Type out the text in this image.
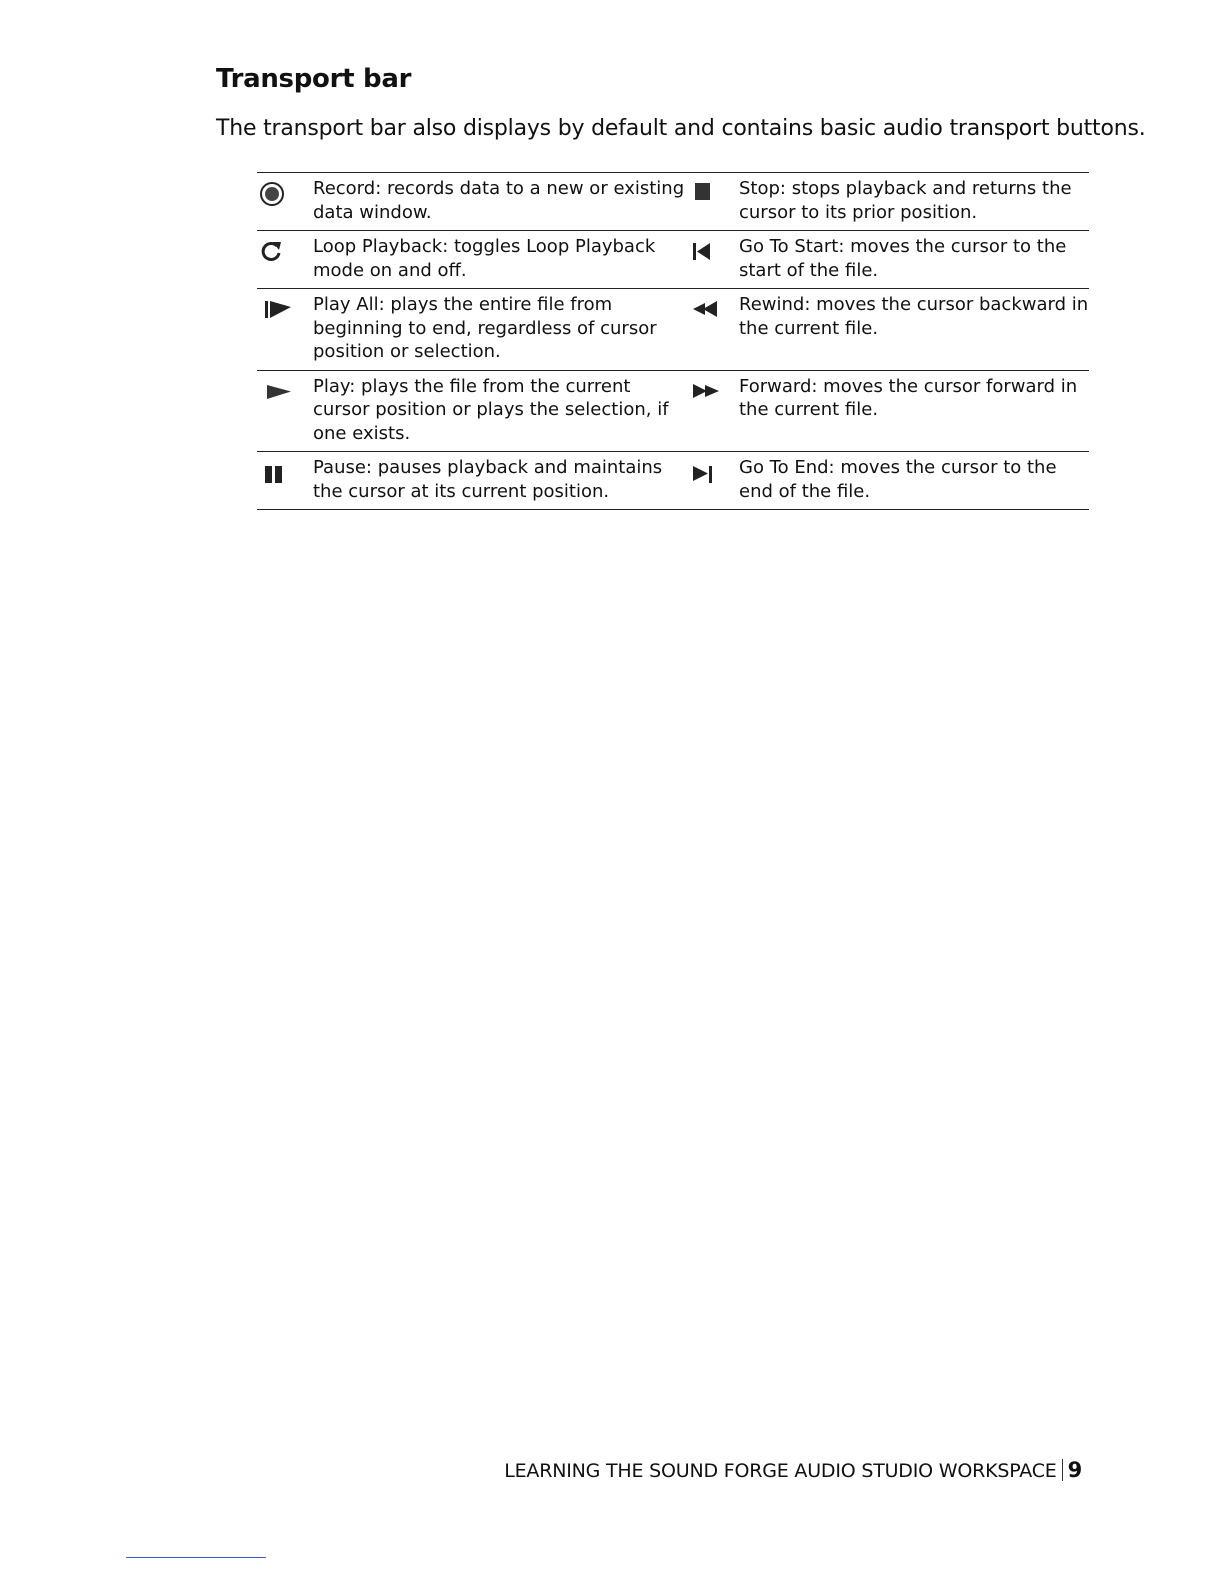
Transport bar
The transport bar also displays by default and contains basic audio transport buttons.
	Record: records data to a new or existing data window.		Stop: stops playback and returns the cursor to its prior position.

	Loop Playback: toggles Loop Playback mode on and off.		Go To Start: moves the cursor to the start of the file.

	Play All: plays the entire file from beginning to end, regardless of cursor position or selection.		Rewind: moves the cursor backward in the current file.

	Play: plays the file from the current cursor position or plays the selection, if one exists.		Forward: moves the cursor forward in the current file.

	Pause: pauses playback and maintains the cursor at its current position.		Go To End: moves the cursor to the end of the file.
LEARNING THE SOUND FORGE AUDIO STUDIO WORKSPACE 9
